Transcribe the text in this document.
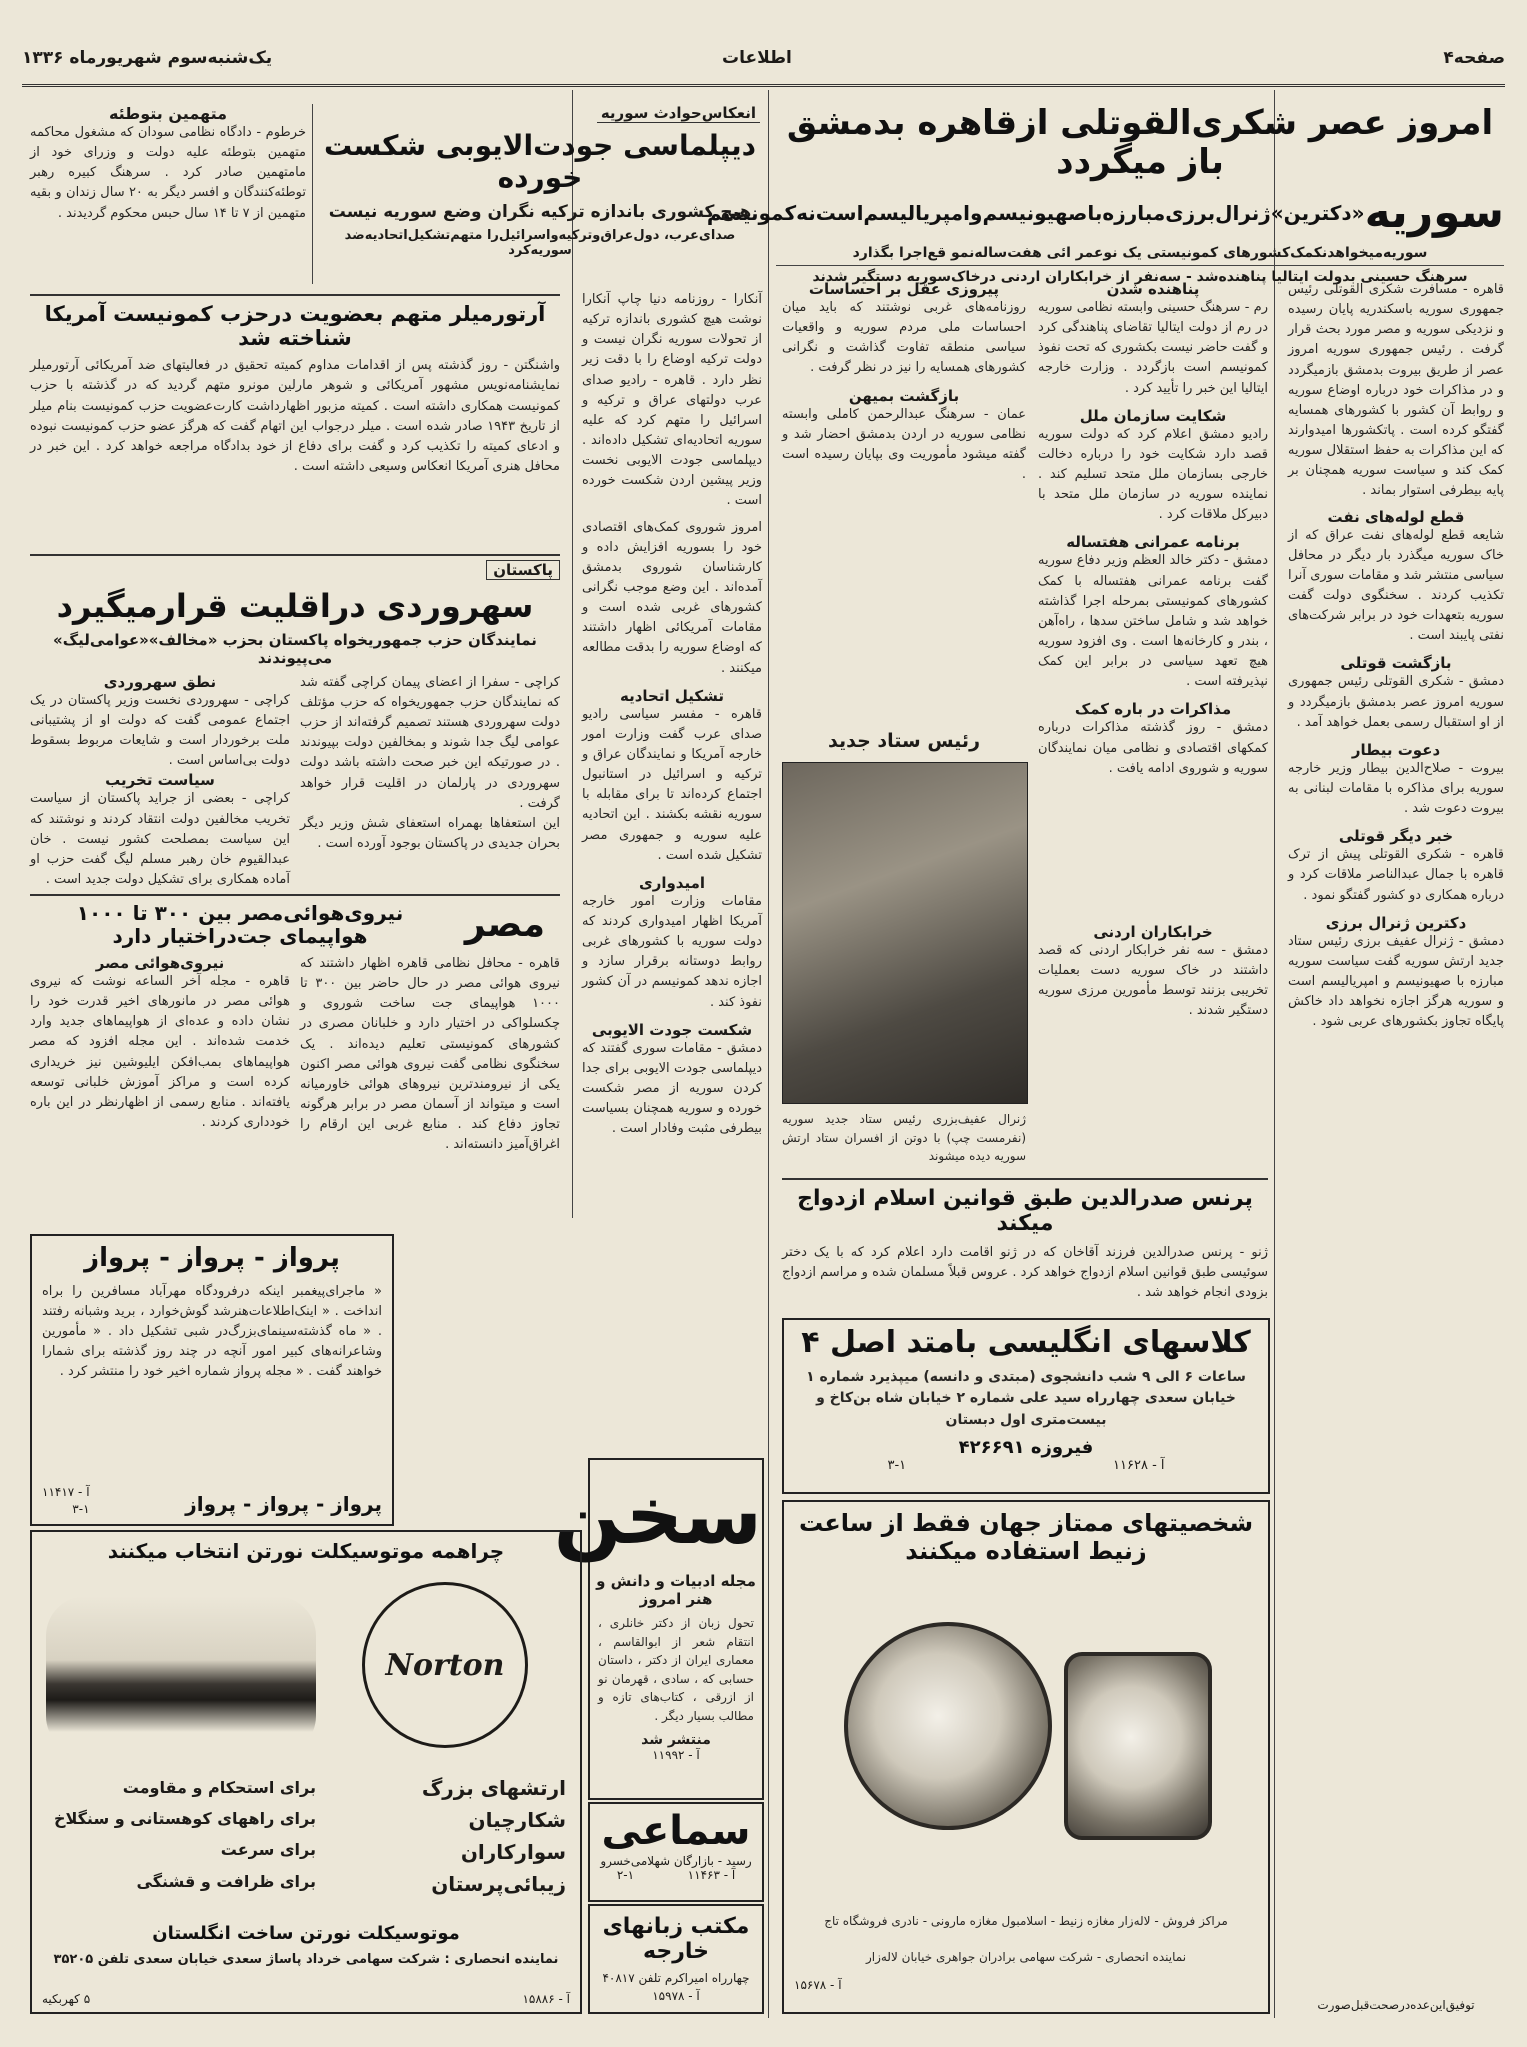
یک‌شنبه‌سوم شهریورماه ۱۳۳۶	اطلاعات	صفحه۴
امروز عصر شکری‌القوتلی ازقاهره بدمشق باز میگردد
سوریه
«دکترین»ژنرال‌برزی‌مبارزه‌باصهیونیسم‌وامپریالیسم‌است‌نه‌کمونیسم
سوریه‌میخواهد‌نکمک‌کشورهای کمونیستی یک نوعمر ائی هفت‌ساله‌نمو قع‌اجرا‌ بگذارد
سرهنگ حسینی بدولت ایتالیا پناهنده‌شد - سه‌نفر از خرابکاران اردنی درخاک‌سوریه دستگیر شدند
قاهره - مسافرت شکری القوتلی رئیس جمهوری سوریه باسکندریه پایان رسیده و نزدیکی سوریه و مصر مورد بحث قرار گرفت . رئیس جمهوری سوریه امروز عصر از طریق بیروت بدمشق بازمیگردد و در مذاکرات خود درباره اوضاع سوریه و روابط آن کشور با کشورهای همسایه گفتگو کرده است . پاتکشورها امیدوارند که این مذاکرات به حفظ استقلال سوریه کمک کند و سیاست سوریه همچنان بر پایه بیطرفی استوار بماند .
قطع لوله‌های نفت
شایعه قطع لوله‌های نفت عراق که از خاک سوریه میگذرد بار دیگر در محافل سیاسی منتشر شد و مقامات سوری آنرا تکذیب کردند . سخنگوی دولت گفت سوریه بتعهدات خود در برابر شرکت‌های نفتی پایبند است .
بازگشت قوتلی
دمشق - شکری القوتلی رئیس جمهوری سوریه امروز عصر بدمشق بازمیگردد و از او استقبال رسمی بعمل خواهد آمد .
دعوت بیطار
بیروت - صلاح‌الدین بیطار وزیر خارجه سوریه برای مذاکره با مقامات لبنانی به بیروت دعوت شد .
خبر دیگر قوتلی
قاهره - شکری القوتلی پیش از ترک قاهره با جمال عبدالناصر ملاقات کرد و درباره همکاری دو کشور گفتگو نمود .
دکترین ژنرال برزی
دمشق - ژنرال عفیف برزی رئیس ستاد جدید ارتش سوریه گفت سیاست سوریه مبارزه با صهیونیسم و امپریالیسم است و سوریه هرگز اجازه نخواهد داد خاکش پایگاه تجاوز بکشورهای عربی شود .
پناهنده شدن
رم - سرهنگ حسینی وابسته نظامی سوریه در رم از دولت ایتالیا تقاضای پناهندگی کرد و گفت حاضر نیست بکشوری که تحت نفوذ کمونیسم است بازگردد . وزارت خارجه ایتالیا این خبر را تأیید کرد .
شکایت سازمان ملل
رادیو دمشق اعلام کرد که دولت سوریه قصد دارد شکایت خود را درباره دخالت خارجی بسازمان ملل متحد تسلیم کند . نماینده سوریه در سازمان ملل متحد با دبیرکل ملاقات کرد .
برنامه عمرانی هفتساله
دمشق - دکتر خالد العظم وزیر دفاع سوریه گفت برنامه عمرانی هفتساله با کمک کشورهای کمونیستی بمرحله اجرا گذاشته خواهد شد و شامل ساختن سدها ، راه‌آهن ، بندر و کارخانه‌ها است . وی افزود سوریه هیچ تعهد سیاسی در برابر این کمک نپذیرفته است .
مذاکرات در باره کمک
دمشق - روز گذشته مذاکرات درباره کمکهای اقتصادی و نظامی میان نمایندگان سوریه و شوروی ادامه یافت .
پیروزی عقل بر احساسات
روزنامه‌های غربی نوشتند که باید میان احساسات ملی مردم سوریه و واقعیات سیاسی منطقه تفاوت گذاشت و نگرانی کشورهای همسایه را نیز در نظر گرفت .
بازگشت بمیهن
عمان - سرهنگ عبدالرحمن کاملی وابسته نظامی سوریه در اردن بدمشق احضار شد و گفته میشود مأموریت وی بپایان رسیده است .
رئیس ستاد جدید
ژنرال عفیف‌بزری رئیس ستاد جدید سوریه (نفرمست چپ) با دوتن از افسران ستاد ارتش سوریه دیده میشوند
پرنس صدرالدین طبق قوانین اسلام ازدواج میکند
ژنو - پرنس صدرالدین فرزند آقاخان که در ژنو اقامت دارد اعلام کرد که با یک دختر سوئیسی طبق قوانین اسلام ازدواج خواهد کرد . عروس قبلاً مسلمان شده و مراسم ازدواج بزودی انجام خواهد شد .
کلاسهای انگلیسی بامتد اصل ۴
ساعات ۶ الی ۹ شب دانشجوی (مبتدی و دانسه) میپذیرد شماره ۱ خیابان سعدی چهارراه سید علی شماره ۲ خیابان شاه بن‌کاخ و بیست‌متری اول دبستان
فیروزه ۴۲۶۶۹۱
آ - ۱۱۶۲۸
۳-۱
شخصیتهای ممتاز جهان فقط از ساعت
زنیط استفاده میکنند
مراکز فروش - لاله‌زار مغازه زنیط - اسلامبول مغازه مارونی - نادری فروشگاه تاج
نماینده انحصاری - شرکت سهامی برادران جواهری خیابان لاله‌زار
آ - ۱۵۶۷۸
انعکاس‌حوادث سوریه
دیپلماسی جودت‌الایوبی شکست خورده
هیچ کشوری باندازه ترکیه نگران وضع سوریه نیست
صدای‌عرب، دول‌عراق‌وترکیه‌واسرائیل‌را متهم‌تشکیل‌اتحادیه‌ضد سوریه‌کرد
آنکارا - روزنامه دنیا چاپ آنکارا نوشت هیچ کشوری باندازه ترکیه از تحولات سوریه نگران نیست و دولت ترکیه اوضاع را با دقت زیر نظر دارد . قاهره - رادیو صدای عرب دولتهای عراق و ترکیه و اسرائیل را متهم کرد که علیه سوریه اتحادیه‌ای تشکیل داده‌اند . دیپلماسی جودت الایوبی نخست وزیر پیشین اردن شکست خورده است .
امروز شوروی کمک‌های اقتصادی خود را بسوریه افزایش داده و کارشناسان شوروی بدمشق آمده‌اند . این وضع موجب نگرانی کشورهای غربی شده است و مقامات آمریکائی اظهار داشتند که اوضاع سوریه را بدقت مطالعه میکنند .
تشکیل اتحادیه
قاهره - مفسر سیاسی رادیو صدای عرب گفت وزارت امور خارجه آمریکا و نمایندگان عراق و ترکیه و اسرائیل در استانبول اجتماع کرده‌اند تا برای مقابله با سوریه نقشه بکشند . این اتحادیه علیه سوریه و جمهوری مصر تشکیل شده است .
امیدواری
مقامات وزارت امور خارجه آمریکا اظهار امیدواری کردند که دولت سوریه با کشورهای غربی روابط دوستانه برقرار سازد و اجازه ندهد کمونیسم در آن کشور نفوذ کند .
شکست جودت الایوبی
دمشق - مقامات سوری گفتند که دیپلماسی جودت الایوبی برای جدا کردن سوریه از مصر شکست خورده و سوریه همچنان بسیاست بیطرفی مثبت وفادار است .
متهمین بتوطئه
خرطوم - دادگاه نظامی سودان که مشغول محاکمه متهمین بتوطئه علیه دولت و وزرای خود از مامتهمین صادر کرد . سرهنگ کبیره رهبر توطئه‌کنندگان و افسر دیگر به ۲۰ سال زندان و بقیه متهمین از ۷ تا ۱۴ سال حبس محکوم گردیدند .
آرتورمیلر متهم بعضویت درحزب کمونیست آمریکا شناخته شد
واشنگتن - روز گذشته پس از اقدامات مداوم کمیته تحقیق در فعالیتهای ضد آمریکائی آرتورمیلر نمایشنامه‌نویس مشهور آمریکائی و شوهر مارلین مونرو متهم گردید که در گذشته با حزب کمونیست همکاری داشته است . کمیته مزبور اظهارداشت کارت‌عضویت حزب کمونیست بنام میلر از تاریخ ۱۹۴۳ صادر شده است . میلر درجواب این اتهام گفت که هرگز عضو حزب کمونیست نبوده و ادعای کمیته را تکذیب کرد و گفت برای دفاع از خود بدادگاه مراجعه خواهد کرد . این خبر در محافل هنری آمریکا انعکاس وسیعی داشته است .
پاکستان
سهروردی دراقلیت قرارمیگیرد
نمایندگان حزب جمهوریخواه پاکستان بحزب «مخالف»«عوامی‌لیگ» می‌پیوندند
کراچی - سفرا از اعضای پیمان کراچی گفته شد که نمایندگان حزب جمهوریخواه که حزب مؤتلف دولت سهروردی هستند تصمیم گرفته‌اند از حزب عوامی لیگ جدا شوند و بمخالفین دولت بپیوندند . در صورتیکه این خبر صحت داشته باشد دولت سهروردی در پارلمان در اقلیت قرار خواهد گرفت .
این استعفاها بهمراه استعفای شش وزیر دیگر بحران جدیدی در پاکستان بوجود آورده است .
نطق سهروردی
کراچی - سهروردی نخست وزیر پاکستان در یک اجتماع عمومی گفت که دولت او از پشتیبانی ملت برخوردار است و شایعات مربوط بسقوط دولت بی‌اساس است .
سیاست تخریب
کراچی - بعضی از جراید پاکستان از سیاست تخریب مخالفین دولت انتقاد کردند و نوشتند که این سیاست بمصلحت کشور نیست . خان عبدالقیوم خان رهبر مسلم لیگ گفت حزب او آماده همکاری برای تشکیل دولت جدید است .
مصر
نیروی‌هوائی‌مصر بین ۳۰۰ تا ۱۰۰۰ هواپیمای جت‌دراختیار دارد
قاهره - محافل نظامی قاهره اظهار داشتند که نیروی هوائی مصر در حال حاضر بین ۳۰۰ تا ۱۰۰۰ هواپیمای جت ساخت شوروی و چکسلواکی در اختیار دارد و خلبانان مصری در کشورهای کمونیستی تعلیم دیده‌اند . یک سخنگوی نظامی گفت نیروی هوائی مصر اکنون یکی از نیرومندترین نیروهای هوائی خاورمیانه است و میتواند از آسمان مصر در برابر هرگونه تجاوز دفاع کند . منابع غربی این ارقام را اغراق‌آمیز دانسته‌اند .
نیروی‌هوائی مصر
قاهره - مجله آخر الساعه نوشت که نیروی هوائی مصر در مانورهای اخیر قدرت خود را نشان داده و عده‌ای از هواپیماهای جدید وارد خدمت شده‌اند . این مجله افزود که مصر هواپیماهای بمب‌افکن ایلیوشین نیز خریداری کرده است و مراکز آموزش خلبانی توسعه یافته‌اند . منابع رسمی از اظهارنظر در این باره خودداری کردند .
پرواز - پرواز - پرواز
« ماجرای‌پیغمبر اینکه درفرودگاه مهرآباد مسافرین را براه انداخت . « اینک‌اطلاعات‌هنرشد گوش‌خوارد ، برید وشبانه رفتند . « ماه گذشته‌سینمای‌بزرگ‌در شبی تشکیل داد . « مأمورین وشاعرانه‌های کبیر امور آنچه در چند روز گذشته برای شمارا خواهند گفت . « مجله پرواز شماره اخیر خود را منتشر کرد .
آ - ۱۱۴۱۷
۳-۱	پرواز - پرواز - پرواز سخن
مجله ادبیات و دانش و هنر امروز
تحول زبان از دکتر خانلری ، انتقام شعر از ابوالقاسم ، معماری ایران از دکتر ، داستان حسابی که ، سادی ، قهرمان نو از ازرقی ، کتاب‌های تازه و مطالب بسیار دیگر .
منتشر شد
آ - ۱۱۹۹۲
سماعی
رسید - بازارگان شهلامی‌خسرو
آ - ۱۱۴۶۳
۲-۱
مکتب زبانهای خارجه
چهارراه امیراکرم تلفن ۴۰۸۱۷
آ - ۱۵۹۷۸
چراهمه موتوسیکلت نورتن انتخاب میکنند
Norton
ارتشهای بزرگ
شکارچیان
سوارکاران
زیبائی‌پرستان
برای استحکام و مقاومت
برای راههای کوهستانی و سنگلاخ
برای سرعت
برای ظرافت و قشنگی
موتوسیکلت نورتن ساخت انگلستان
نماینده انحصاری : شرکت سهامی خرداد پاساژ سعدی خیابان سعدی تلفن ۳۵۲۰۵
آ - ۱۵۸۸۶
۵ کهربکیه	توفیق‌این‌عده‌درصحت‌قبل‌صورت
خرابکاران اردنی
دمشق - سه نفر خرابکار اردنی که قصد داشتند در خاک سوریه دست بعملیات تخریبی بزنند توسط مأمورین مرزی سوریه دستگیر شدند .
